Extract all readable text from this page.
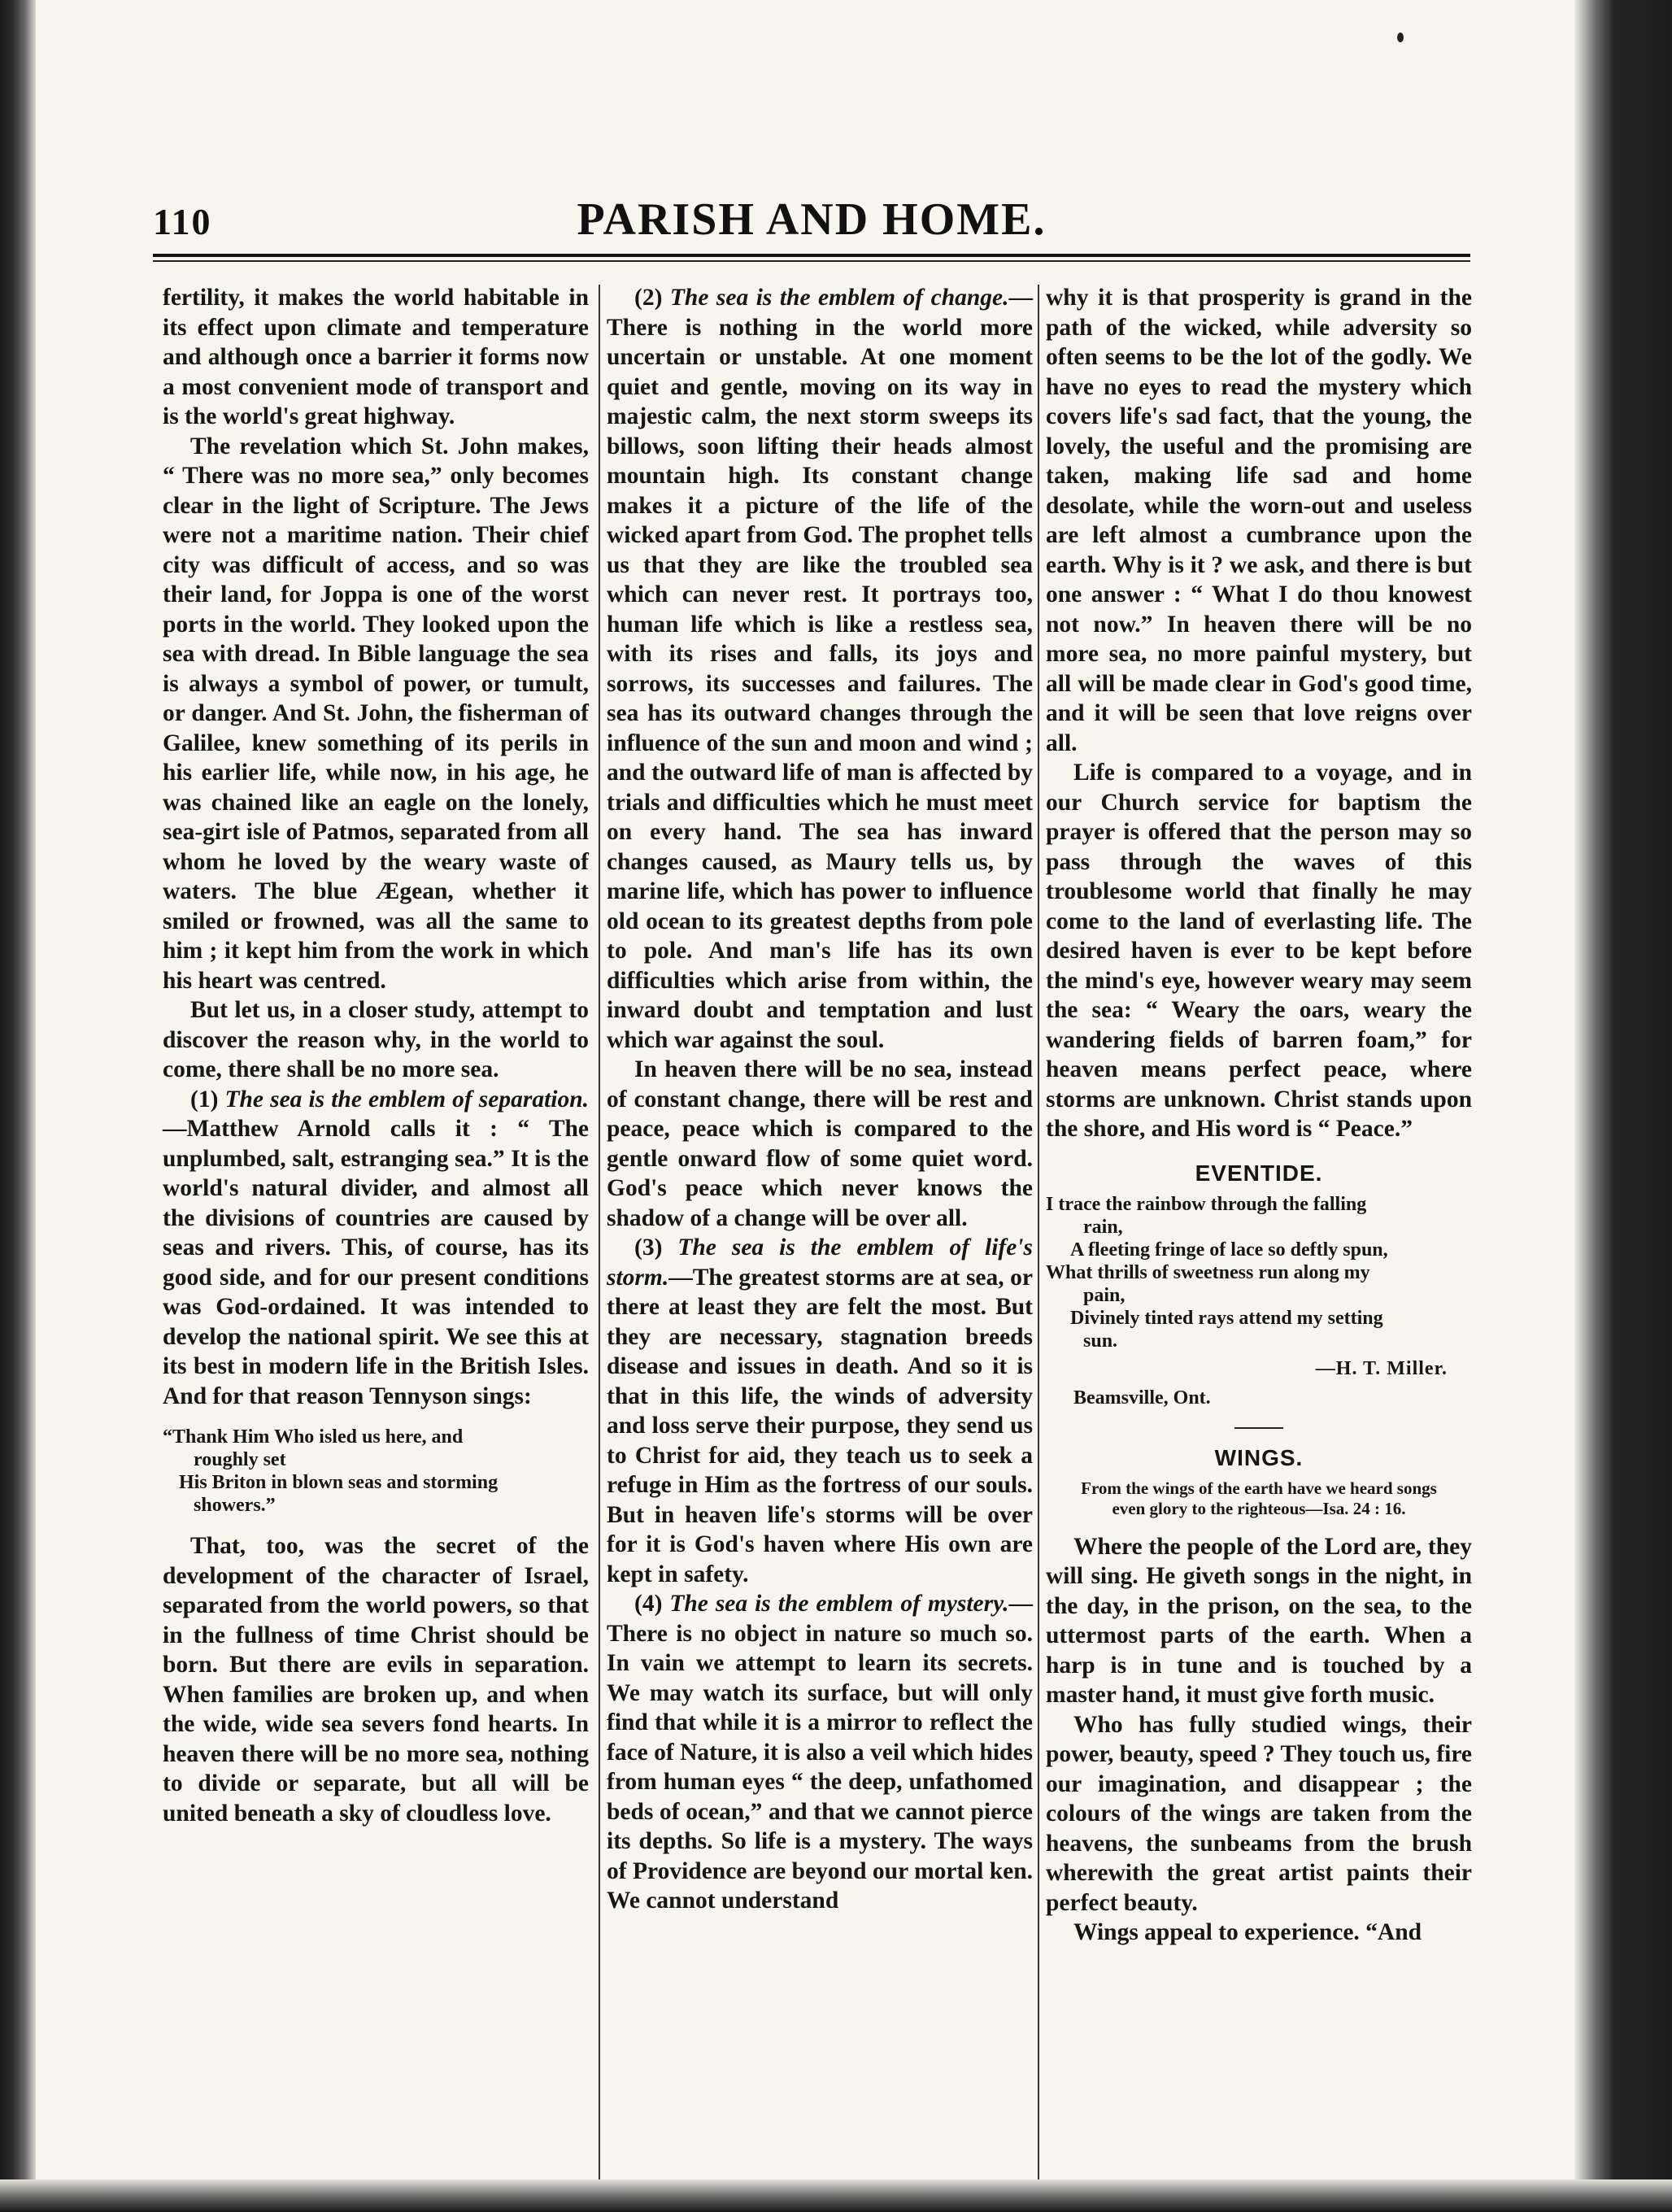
110	PARISH AND HOME.

fertility, it makes the world habitable in its effect upon climate and temperature and although once a barrier it forms now a most convenient mode of transport and is the world's great highway.

The revelation which St. John makes, “ There was no more sea,” only becomes clear in the light of Scripture. The Jews were not a maritime nation. Their chief city was difficult of access, and so was their land, for Joppa is one of the worst ports in the world. They looked upon the sea with dread. In Bible language the sea is always a symbol of power, or tumult, or danger. And St. John, the fisherman of Galilee, knew something of its perils in his earlier life, while now, in his age, he was chained like an eagle on the lonely, sea-girt isle of Patmos, separated from all whom he loved by the weary waste of waters. The blue Ægean, whether it smiled or frowned, was all the same to him ; it kept him from the work in which his heart was centred.

But let us, in a closer study, attempt to discover the reason why, in the world to come, there shall be no more sea.

(1) The sea is the emblem of separation.—Matthew Arnold calls it : “ The unplumbed, salt, estranging sea.” It is the world's natural divider, and almost all the divisions of countries are caused by seas and rivers. This, of course, has its good side, and for our present conditions was God-ordained. It was intended to develop the national spirit. We see this at its best in modern life in the British Isles. And for that reason Tennyson sings:

“Thank Him Who isled us here, and
roughly set
His Briton in blown seas and storming
showers.”

That, too, was the secret of the development of the character of Israel, separated from the world powers, so that in the fullness of time Christ should be born. But there are evils in separation. When families are broken up, and when the wide, wide sea severs fond hearts. In heaven there will be no more sea, nothing to divide or separate, but all will be united beneath a sky of cloudless love.

(2) The sea is the emblem of change.—There is nothing in the world more uncertain or unstable. At one moment quiet and gentle, moving on its way in majestic calm, the next storm sweeps its billows, soon lifting their heads almost mountain high. Its constant change makes it a picture of the life of the wicked apart from God. The prophet tells us that they are like the troubled sea which can never rest. It portrays too, human life which is like a restless sea, with its rises and falls, its joys and sorrows, its successes and failures. The sea has its outward changes through the influence of the sun and moon and wind ; and the outward life of man is affected by trials and difficulties which he must meet on every hand. The sea has inward changes caused, as Maury tells us, by marine life, which has power to influence old ocean to its greatest depths from pole to pole. And man's life has its own difficulties which arise from within, the inward doubt and temptation and lust which war against the soul.

In heaven there will be no sea, instead of constant change, there will be rest and peace, peace which is compared to the gentle onward flow of some quiet word. God's peace which never knows the shadow of a change will be over all.

(3) The sea is the emblem of life's storm.—The greatest storms are at sea, or there at least they are felt the most. But they are necessary, stagnation breeds disease and issues in death. And so it is that in this life, the winds of adversity and loss serve their purpose, they send us to Christ for aid, they teach us to seek a refuge in Him as the fortress of our souls. But in heaven life's storms will be over for it is God's haven where His own are kept in safety.

(4) The sea is the emblem of mystery.—There is no object in nature so much so. In vain we attempt to learn its secrets. We may watch its surface, but will only find that while it is a mirror to reflect the face of Nature, it is also a veil which hides from human eyes “ the deep, unfathomed beds of ocean,” and that we cannot pierce its depths. So life is a mystery. The ways of Providence are beyond our mortal ken. We cannot understand

why it is that prosperity is grand in the path of the wicked, while adversity so often seems to be the lot of the godly. We have no eyes to read the mystery which covers life's sad fact, that the young, the lovely, the useful and the promising are taken, making life sad and home desolate, while the worn-out and useless are left almost a cumbrance upon the earth. Why is it ? we ask, and there is but one answer : “ What I do thou knowest not now.” In heaven there will be no more sea, no more painful mystery, but all will be made clear in God's good time, and it will be seen that love reigns over all.

Life is compared to a voyage, and in our Church service for baptism the prayer is offered that the person may so pass through the waves of this troublesome world that finally he may come to the land of everlasting life. The desired haven is ever to be kept before the mind's eye, however weary may seem the sea: “ Weary the oars, weary the wandering fields of barren foam,” for heaven means perfect peace, where storms are unknown. Christ stands upon the shore, and His word is “ Peace.”

EVENTIDE.
I trace the rainbow through the falling
rain,
A fleeting fringe of lace so deftly spun,
What thrills of sweetness run along my
pain,
Divinely tinted rays attend my setting
sun.
—H. T. Miller.
Beamsville, Ont.
WINGS.
From the wings of the earth have we heard songs
even glory to the righteous—Isa. 24 : 16.

Where the people of the Lord are, they will sing. He giveth songs in the night, in the day, in the prison, on the sea, to the uttermost parts of the earth. When a harp is in tune and is touched by a master hand, it must give forth music.

Who has fully studied wings, their power, beauty, speed ? They touch us, fire our imagination, and disappear ; the colours of the wings are taken from the heavens, the sunbeams from the brush wherewith the great artist paints their perfect beauty.

Wings appeal to experience. “And
